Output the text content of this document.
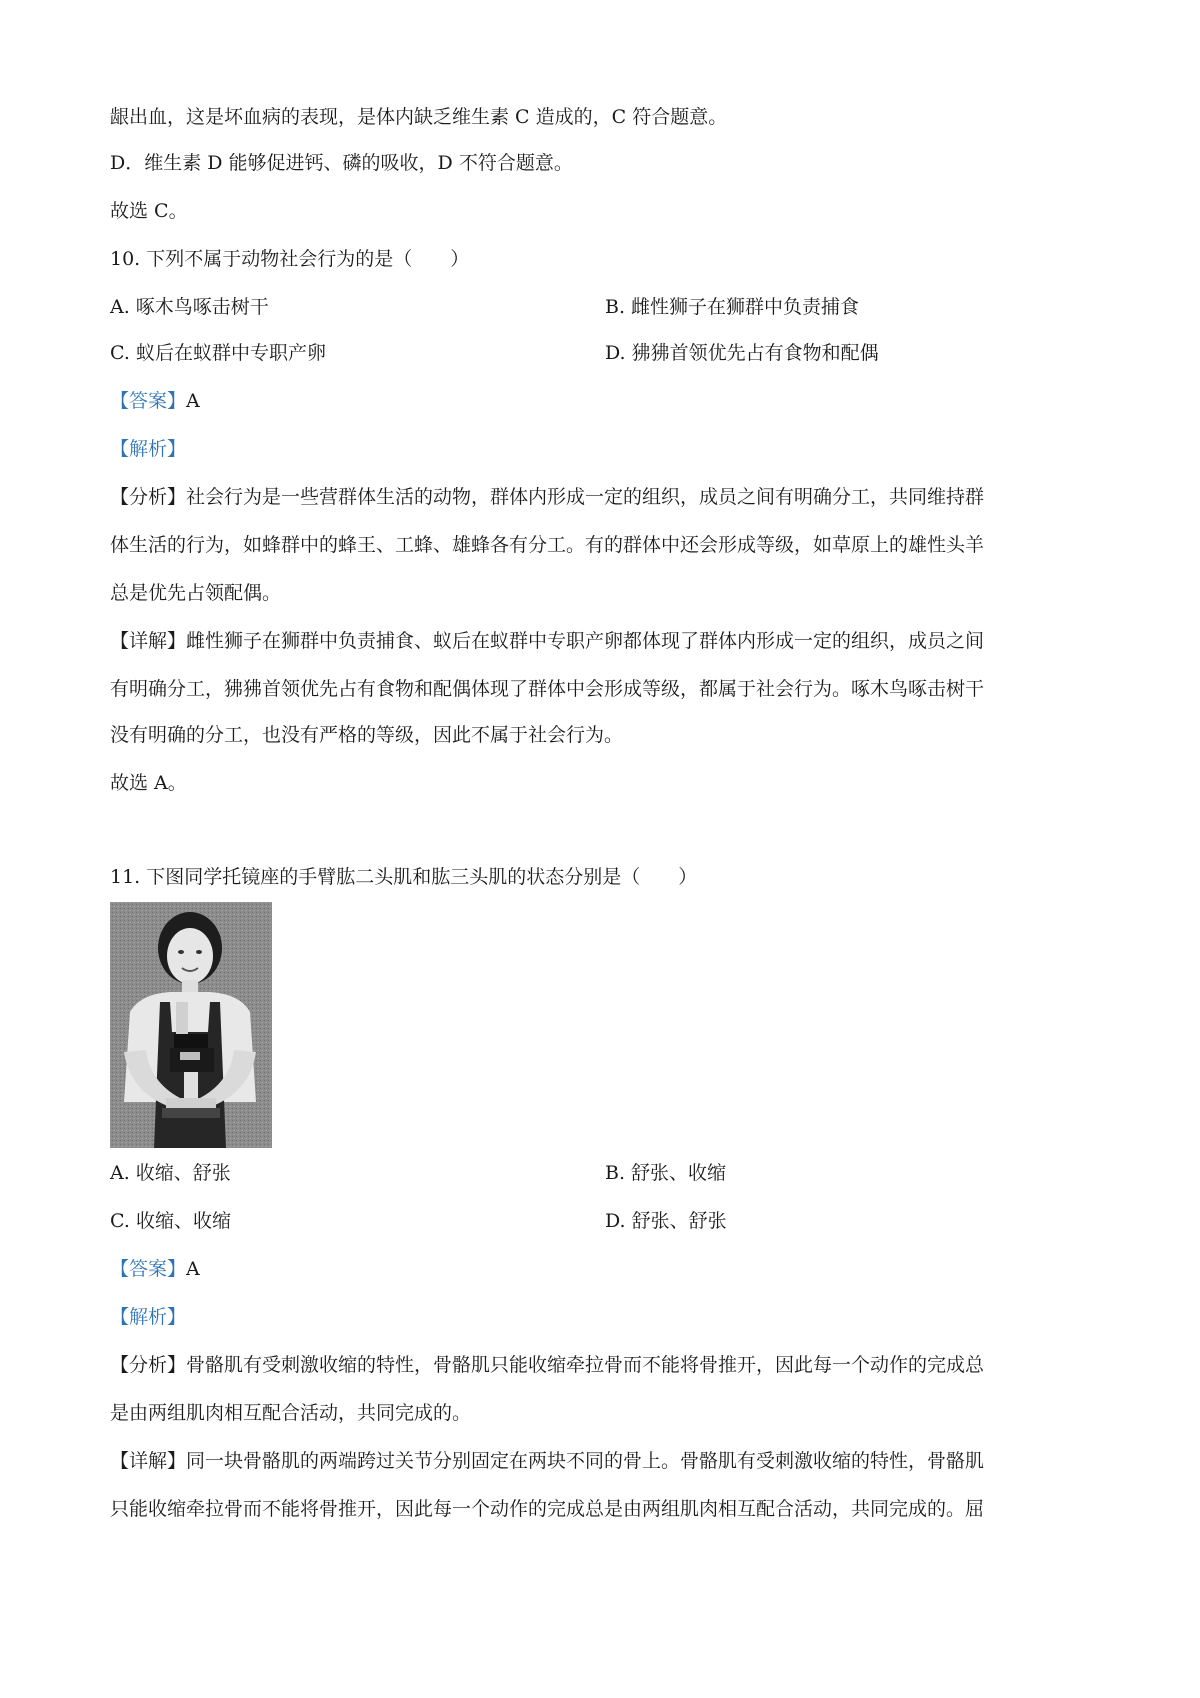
龈出血，这是坏血病的表现，是体内缺乏维生素 C 造成的，C 符合题意。
D．维生素 D 能够促进钙、磷的吸收，D 不符合题意。
故选 C。
10. 下列不属于动物社会行为的是（　　）
A. 啄木鸟啄击树干	B. 雌性狮子在狮群中负责捕食
C. 蚁后在蚁群中专职产卵	D. 狒狒首领优先占有食物和配偶
【答案】A
【解析】
【分析】社会行为是一些营群体生活的动物，群体内形成一定的组织，成员之间有明确分工，共同维持群
体生活的行为，如蜂群中的蜂王、工蜂、雄蜂各有分工。有的群体中还会形成等级，如草原上的雄性头羊
总是优先占领配偶。
【详解】雌性狮子在狮群中负责捕食、蚁后在蚁群中专职产卵都体现了群体内形成一定的组织，成员之间
有明确分工，狒狒首领优先占有食物和配偶体现了群体中会形成等级，都属于社会行为。啄木鸟啄击树干
没有明确的分工，也没有严格的等级，因此不属于社会行为。
故选 A。
11. 下图同学托镜座的手臂肱二头肌和肱三头肌的状态分别是（　　）
A. 收缩、舒张	B. 舒张、收缩
C. 收缩、收缩	D. 舒张、舒张
【答案】A
【解析】
【分析】骨骼肌有受刺激收缩的特性，骨骼肌只能收缩牵拉骨而不能将骨推开，因此每一个动作的完成总
是由两组肌肉相互配合活动，共同完成的。
【详解】同一块骨骼肌的两端跨过关节分别固定在两块不同的骨上。骨骼肌有受刺激收缩的特性，骨骼肌
只能收缩牵拉骨而不能将骨推开，因此每一个动作的完成总是由两组肌肉相互配合活动，共同完成的。屈
